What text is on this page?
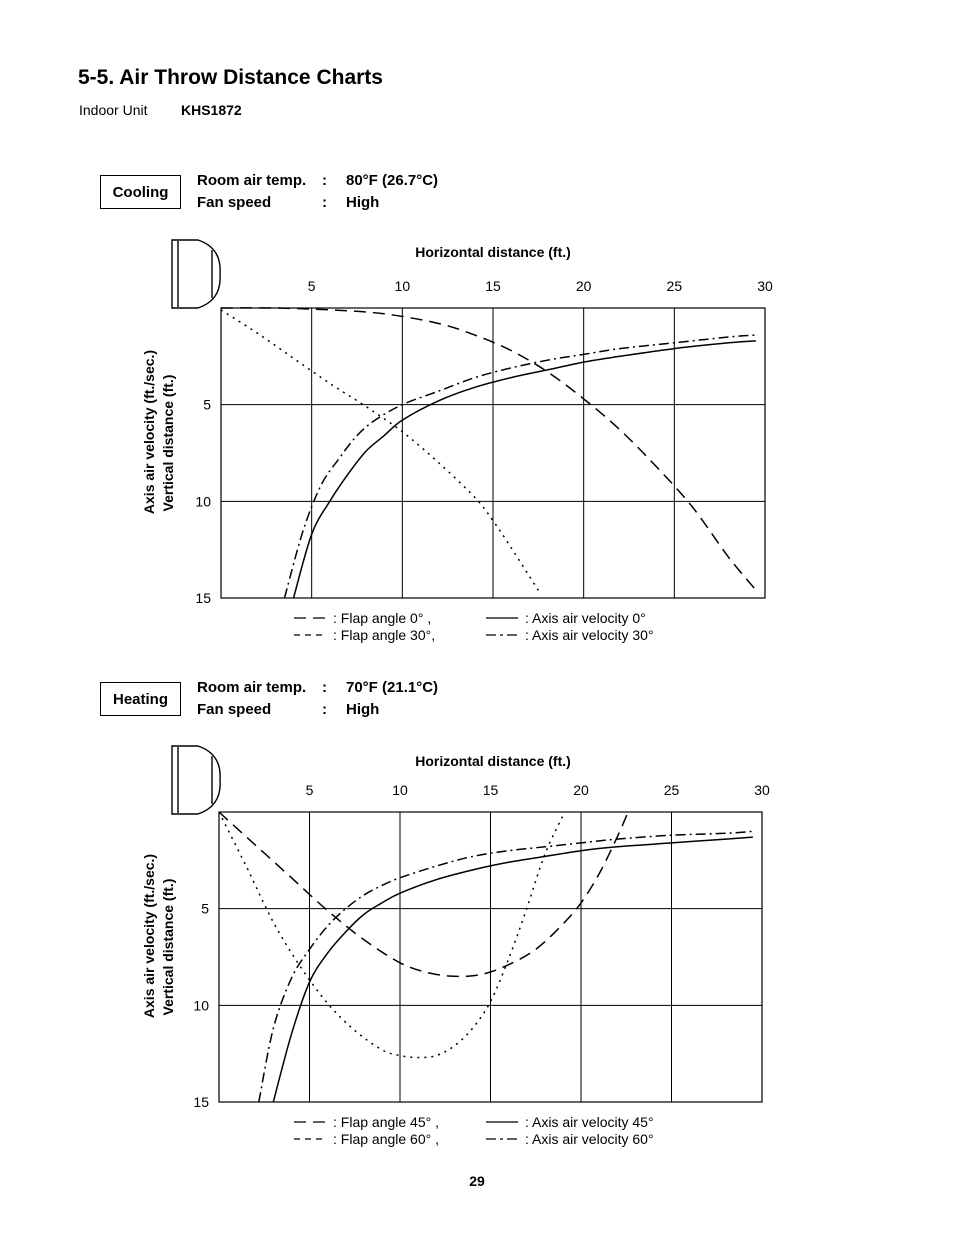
5-5. Air Throw Distance Charts
Indoor Unit KHS1872
Cooling
Room air temp. : 80°F (26.7°C)
Fan speed	: High
Heating
Room air temp. : 70°F (21.1°C)
Fan speed	: High
Horizontal distance (ft.)
Axis air velocity (ft./sec.) Vertical distance (ft.)
5	10	15	20	25	30
5
10
15
: Flap angle 0° ,	: Axis air velocity 0°
: Flap angle 30°,	: Axis air velocity 30°
Horizontal distance (ft.)
Axis air velocity (ft./sec.) Vertical distance (ft.)
5	10	15	20	25	30
5
10
15
: Flap angle 45° ,	: Axis air velocity 45°
: Flap angle 60° ,	: Axis air velocity 60°
29
